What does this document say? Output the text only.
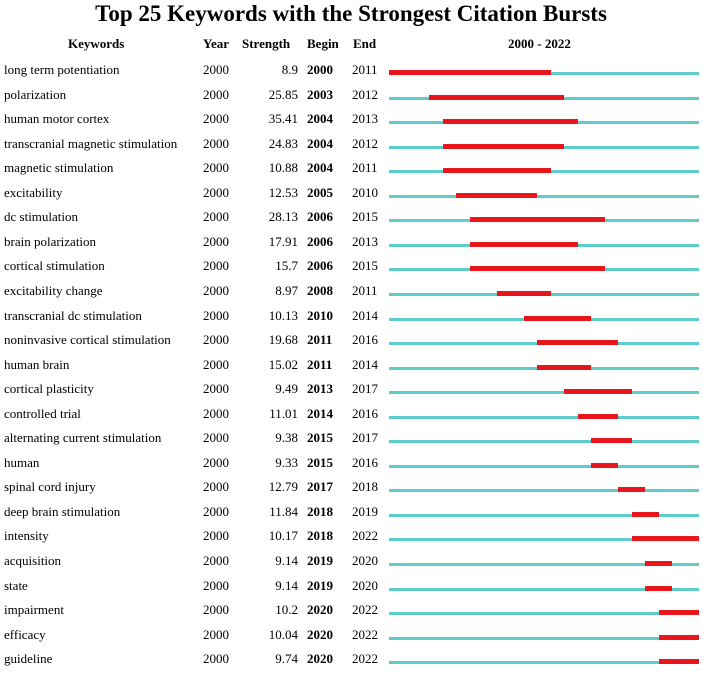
Top 25 Keywords with the Strongest Citation Bursts
Keywords	Year Strength Begin End	2000 - 2022
long term potentiation	2000	8.9 2000 2011
polarization	2000	25.85 2003 2012
human motor cortex	2000	35.41 2004 2013
transcranial magnetic stimulation 2000	24.83 2004 2012
magnetic stimulation	2000	10.88 2004 2011
excitability	2000	12.53 2005 2010
dc stimulation	2000	28.13 2006 2015
brain polarization	2000	17.91 2006 2013
cortical stimulation	2000	15.7 2006 2015
excitability change	2000	8.97 2008 2011
transcranial dc stimulation	2000	10.13 2010 2014
noninvasive cortical stimulation 2000	19.68 2011 2016
human brain	2000	15.02 2011 2014
cortical plasticity	2000	9.49 2013 2017
controlled trial	2000	11.01 2014 2016
alternating current stimulation	2000	9.38 2015 2017
human	2000	9.33 2015 2016
spinal cord injury	2000	12.79 2017 2018
deep brain stimulation	2000	11.84 2018 2019
intensity	2000	10.17 2018 2022
acquisition	2000	9.14 2019 2020
state	2000	9.14 2019 2020
impairment	2000	10.2 2020 2022
efficacy	2000	10.04 2020 2022
guideline	2000	9.74 2020 2022
